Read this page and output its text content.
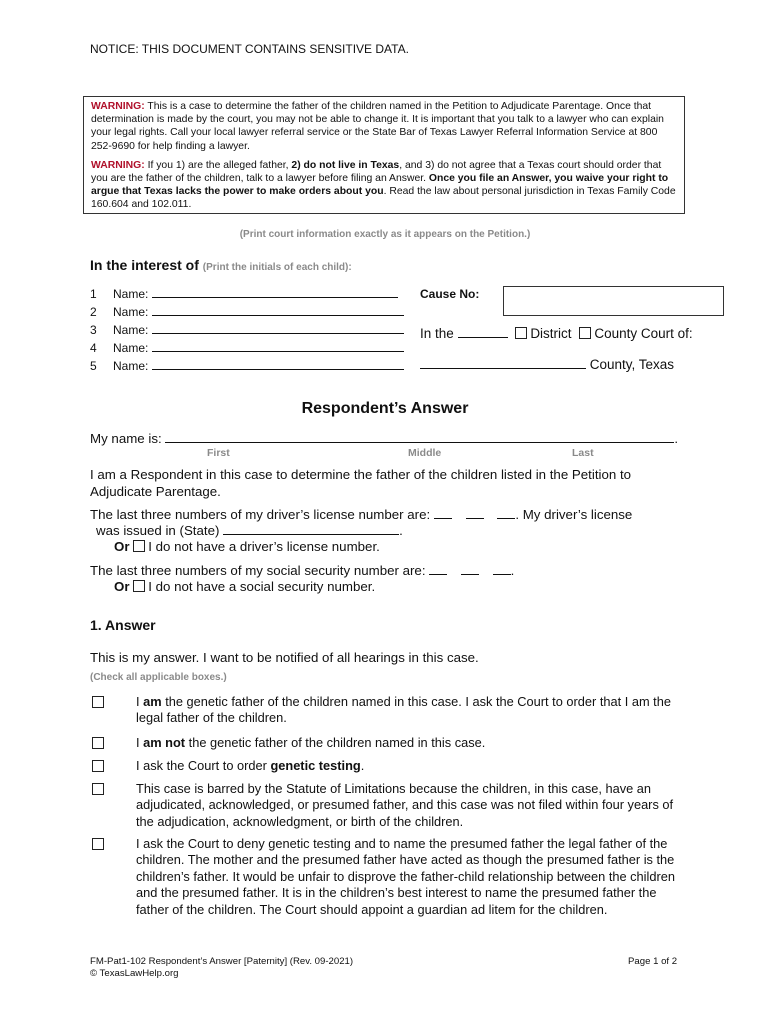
NOTICE: THIS DOCUMENT CONTAINS SENSITIVE DATA.

WARNING: This is a case to determine the father of the children named in the Petition to Adjudicate Parentage. Once that determination is made by the court, you may not be able to change it. It is important that you talk to a lawyer who can explain your legal rights. Call your local lawyer referral service or the State Bar of Texas Lawyer Referral Information Service at 800 252-9690 for help finding a lawyer.

WARNING: If you 1) are the alleged father, 2) do not live in Texas, and 3) do not agree that a Texas court should order that you are the father of the children, talk to a lawyer before filing an Answer. Once you file an Answer, you waive your right to argue that Texas lacks the power to make orders about you. Read the law about personal jurisdiction in Texas Family Code 160.604 and 102.011.

(Print court information exactly as it appears on the Petition.)
In the interest of (Print the initials of each child):
1 Name:
2 Name:
3 Name:
4 Name:
5 Name:
Cause No:
In the	District County Court of:
County, Texas
Respondent’s Answer
My name is:	.
First	Middle	Last
I am a Respondent in this case to determine the father of the children listed in the Petition to Adjudicate Parentage.
The last three numbers of my driver’s license number are:	. My driver’s license
was issued in (State)	.
Or I do not have a driver’s license number.
The last three numbers of my social security number are:	.
Or I do not have a social security number.
1. Answer
This is my answer. I want to be notified of all hearings in this case.
(Check all applicable boxes.)
I am the genetic father of the children named in this case. I ask the Court to order that I am the legal father of the children.
I am not the genetic father of the children named in this case.
I ask the Court to order genetic testing.
This case is barred by the Statute of Limitations because the children, in this case, have an adjudicated, acknowledged, or presumed father, and this case was not filed within four years of the adjudication, acknowledgment, or birth of the children.
I ask the Court to deny genetic testing and to name the presumed father the legal father of the children. The mother and the presumed father have acted as though the presumed father is the children’s father. It would be unfair to disprove the father-child relationship between the children and the presumed father. It is in the children’s best interest to name the presumed father the father of the children. The Court should appoint a guardian ad litem for the children.
FM-Pat1-102 Respondent’s Answer [Paternity] (Rev. 09-2021)
© TexasLawHelp.org
Page 1 of 2
